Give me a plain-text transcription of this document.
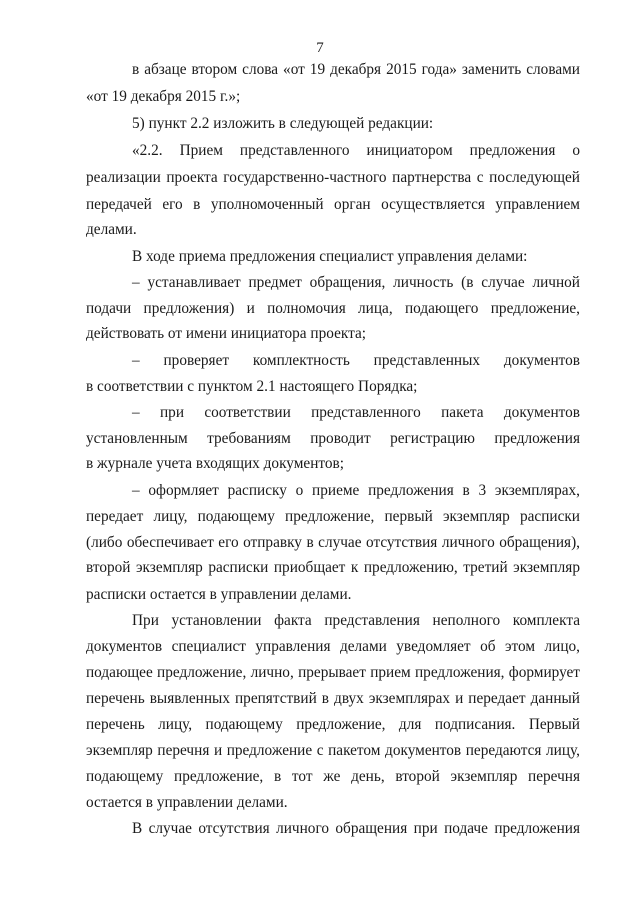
7
в абзаце втором слова «от 19 декабря 2015 года» заменить словами
«от 19 декабря 2015 г.»;
5) пункт 2.2 изложить в следующей редакции:
«2.2. Прием представленного инициатором предложения о
реализации проекта государственно-частного партнерства с последующей
передачей его в уполномоченный орган осуществляется управлением
делами.
В ходе приема предложения специалист управления делами:
– устанавливает предмет обращения, личность (в случае личной
подачи предложения) и полномочия лица, подающего предложение,
действовать от имени инициатора проекта;
– проверяет комплектность представленных документов
в соответствии с пунктом 2.1 настоящего Порядка;
– при соответствии представленного пакета документов
установленным требованиям проводит регистрацию предложения
в журнале учета входящих документов;
– оформляет расписку о приеме предложения в 3 экземплярах,
передает лицу, подающему предложение, первый экземпляр расписки
(либо обеспечивает его отправку в случае отсутствия личного обращения),
второй экземпляр расписки приобщает к предложению, третий экземпляр
расписки остается в управлении делами.
При установлении факта представления неполного комплекта
документов специалист управления делами уведомляет об этом лицо,
подающее предложение, лично, прерывает прием предложения, формирует
перечень выявленных препятствий в двух экземплярах и передает данный
перечень лицу, подающему предложение, для подписания. Первый
экземпляр перечня и предложение с пакетом документов передаются лицу,
подающему предложение, в тот же день, второй экземпляр перечня
остается в управлении делами.
В случае отсутствия личного обращения при подаче предложения
